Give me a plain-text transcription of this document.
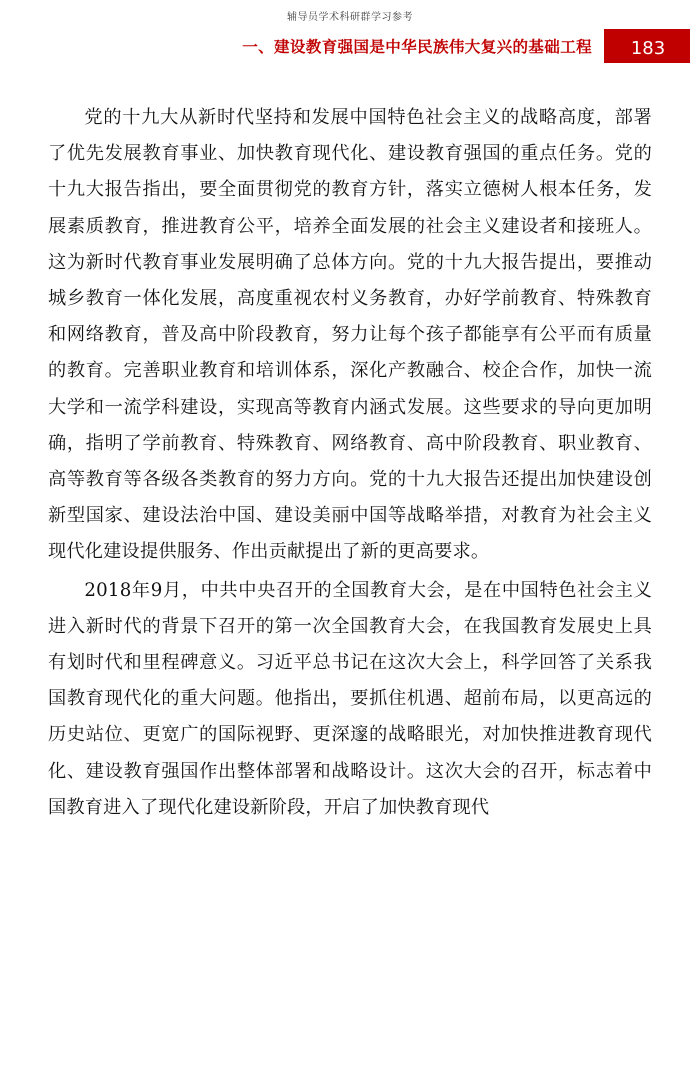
辅导员学术科研群学习参考
一、建设教育强国是中华民族伟大复兴的基础工程	183

党的十九大从新时代坚持和发展中国特色社会主义的战略高度，部署了优先发展教育事业、加快教育现代化、建设教育强国的重点任务。党的十九大报告指出，要全面贯彻党的教育方针，落实立德树人根本任务，发展素质教育，推进教育公平，培养全面发展的社会主义建设者和接班人。这为新时代教育事业发展明确了总体方向。党的十九大报告提出，要推动城乡教育一体化发展，高度重视农村义务教育，办好学前教育、特殊教育和网络教育，普及高中阶段教育，努力让每个孩子都能享有公平而有质量的教育。完善职业教育和培训体系，深化产教融合、校企合作，加快一流大学和一流学科建设，实现高等教育内涵式发展。这些要求的导向更加明确，指明了学前教育、特殊教育、网络教育、高中阶段教育、职业教育、高等教育等各级各类教育的努力方向。党的十九大报告还提出加快建设创新型国家、建设法治中国、建设美丽中国等战略举措，对教育为社会主义现代化建设提供服务、作出贡献提出了新的更高要求。

2018年9月，中共中央召开的全国教育大会，是在中国特色社会主义进入新时代的背景下召开的第一次全国教育大会，在我国教育发展史上具有划时代和里程碑意义。习近平总书记在这次大会上，科学回答了关系我国教育现代化的重大问题。他指出，要抓住机遇、超前布局，以更高远的历史站位、更宽广的国际视野、更深邃的战略眼光，对加快推进教育现代化、建设教育强国作出整体部署和战略设计。这次大会的召开，标志着中国教育进入了现代化建设新阶段，开启了加快教育现代
